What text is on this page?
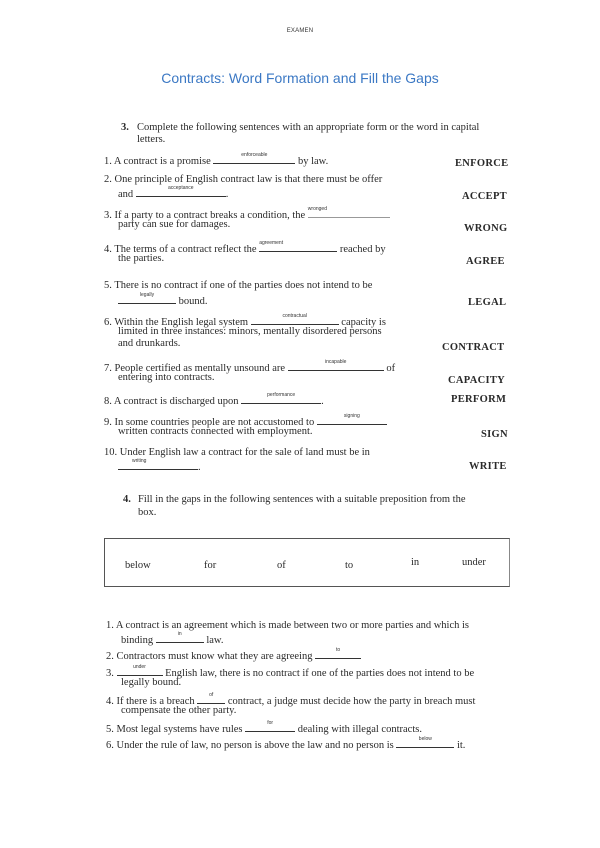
EXAMEN
Contracts: Word Formation and Fill the Gaps
3. Complete the following sentences with an appropriate form or the word in capital
letters.
1. A contract is a promise
enforceable
by law.	ENFORCE
2. One principle of English contract law is that there must be offer
and
acceptance
.	ACCEPT
3. If a party to a contract breaks a condition, the
wronged
party can sue for damages.	WRONG
4. The terms of a contract reflect the
agreement
reached by
the parties.	AGREE
5. There is no contract if one of the parties does not intend to be
legally
bound.	LEGAL
6. Within the English legal system
contractual
capacity is
limited in three instances: minors, mentally disordered persons
and drunkards.	CONTRACT
7. People certified as mentally unsound are
incapable
of
entering into contracts.	CAPACITY
8. A contract is discharged upon
performance
.	PERFORM
9. In some countries people are not accustomed to
signing
written contracts connected with employment.	SIGN
10. Under English law a contract for the sale of land must be in
writing
.	WRITE
4. Fill in the gaps in the following sentences with a suitable preposition from the
box.
below	for	of	to	in	under
1. A contract is an agreement which is made between two or more parties and which is
binding
in
law.
2. Contractors must know what they are agreeing
to
3.
under
English law, there is no contract if one of the parties does not intend to be
legally bound.
4. If there is a breach
of
contract, a judge must decide how the party in breach must
compensate the other party.
5. Most legal systems have rules
for
dealing with illegal contracts.
6. Under the rule of law, no person is above the law and no person is
below
it.
